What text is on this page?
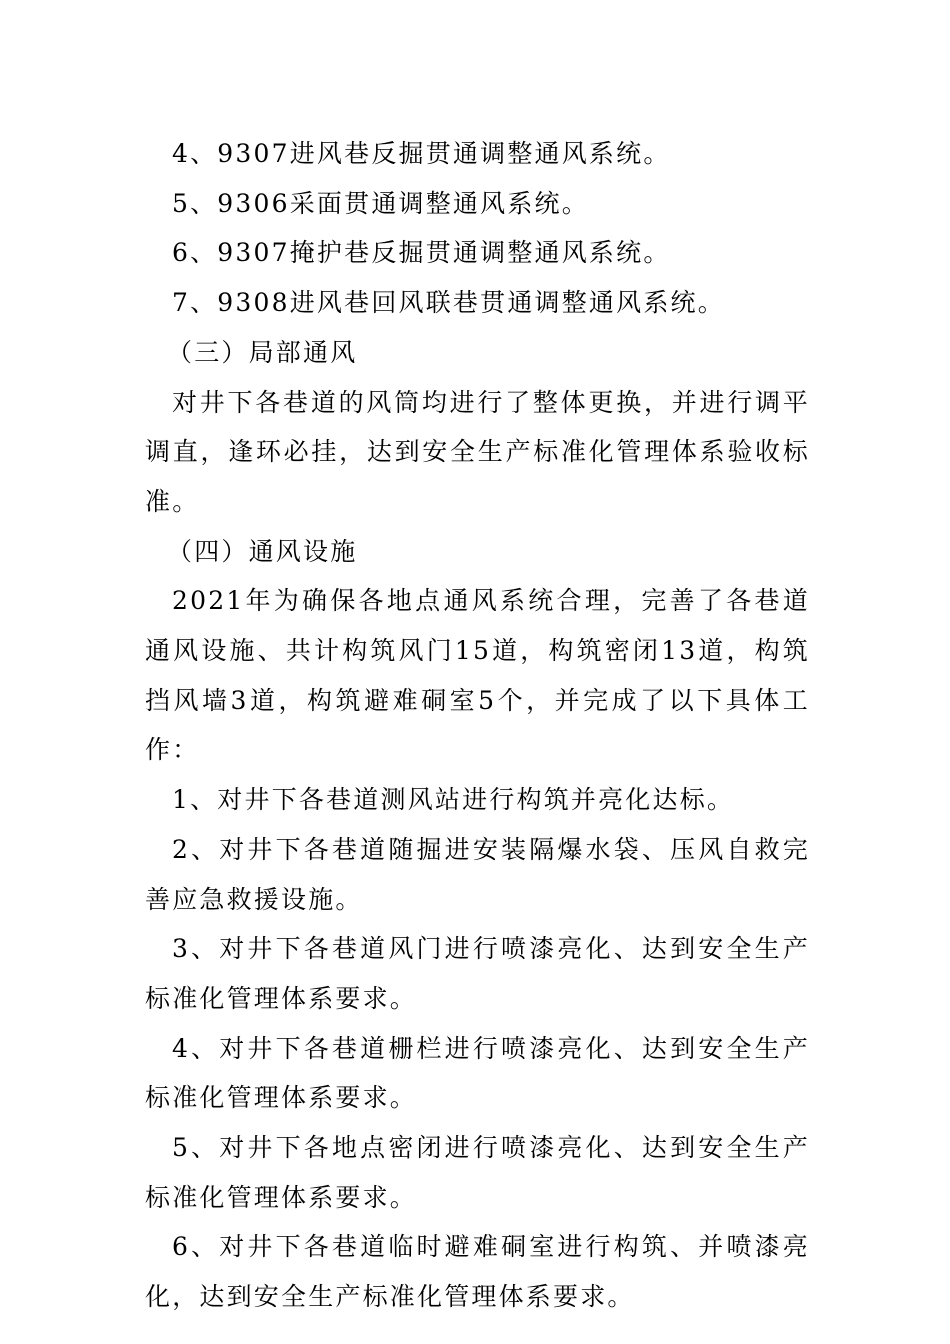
4、9307进风巷反掘贯通调整通风系统。

5、9306采面贯通调整通风系统。

6、9307掩护巷反掘贯通调整通风系统。

7、9308进风巷回风联巷贯通调整通风系统。

（三）局部通风

对井下各巷道的风筒均进行了整体更换，并进行调平调直，逢环必挂，达到安全生产标准化管理体系验收标准。

（四）通风设施

2021年为确保各地点通风系统合理，完善了各巷道通风设施、共计构筑风门15道，构筑密闭13道，构筑挡风墙3道，构筑避难硐室5个，并完成了以下具体工作：

1、对井下各巷道测风站进行构筑并亮化达标。

2、对井下各巷道随掘进安装隔爆水袋、压风自救完善应急救援设施。

3、对井下各巷道风门进行喷漆亮化、达到安全生产标准化管理体系要求。

4、对井下各巷道栅栏进行喷漆亮化、达到安全生产标准化管理体系要求。

5、对井下各地点密闭进行喷漆亮化、达到安全生产标准化管理体系要求。

6、对井下各巷道临时避难硐室进行构筑、并喷漆亮化，达到安全生产标准化管理体系要求。
